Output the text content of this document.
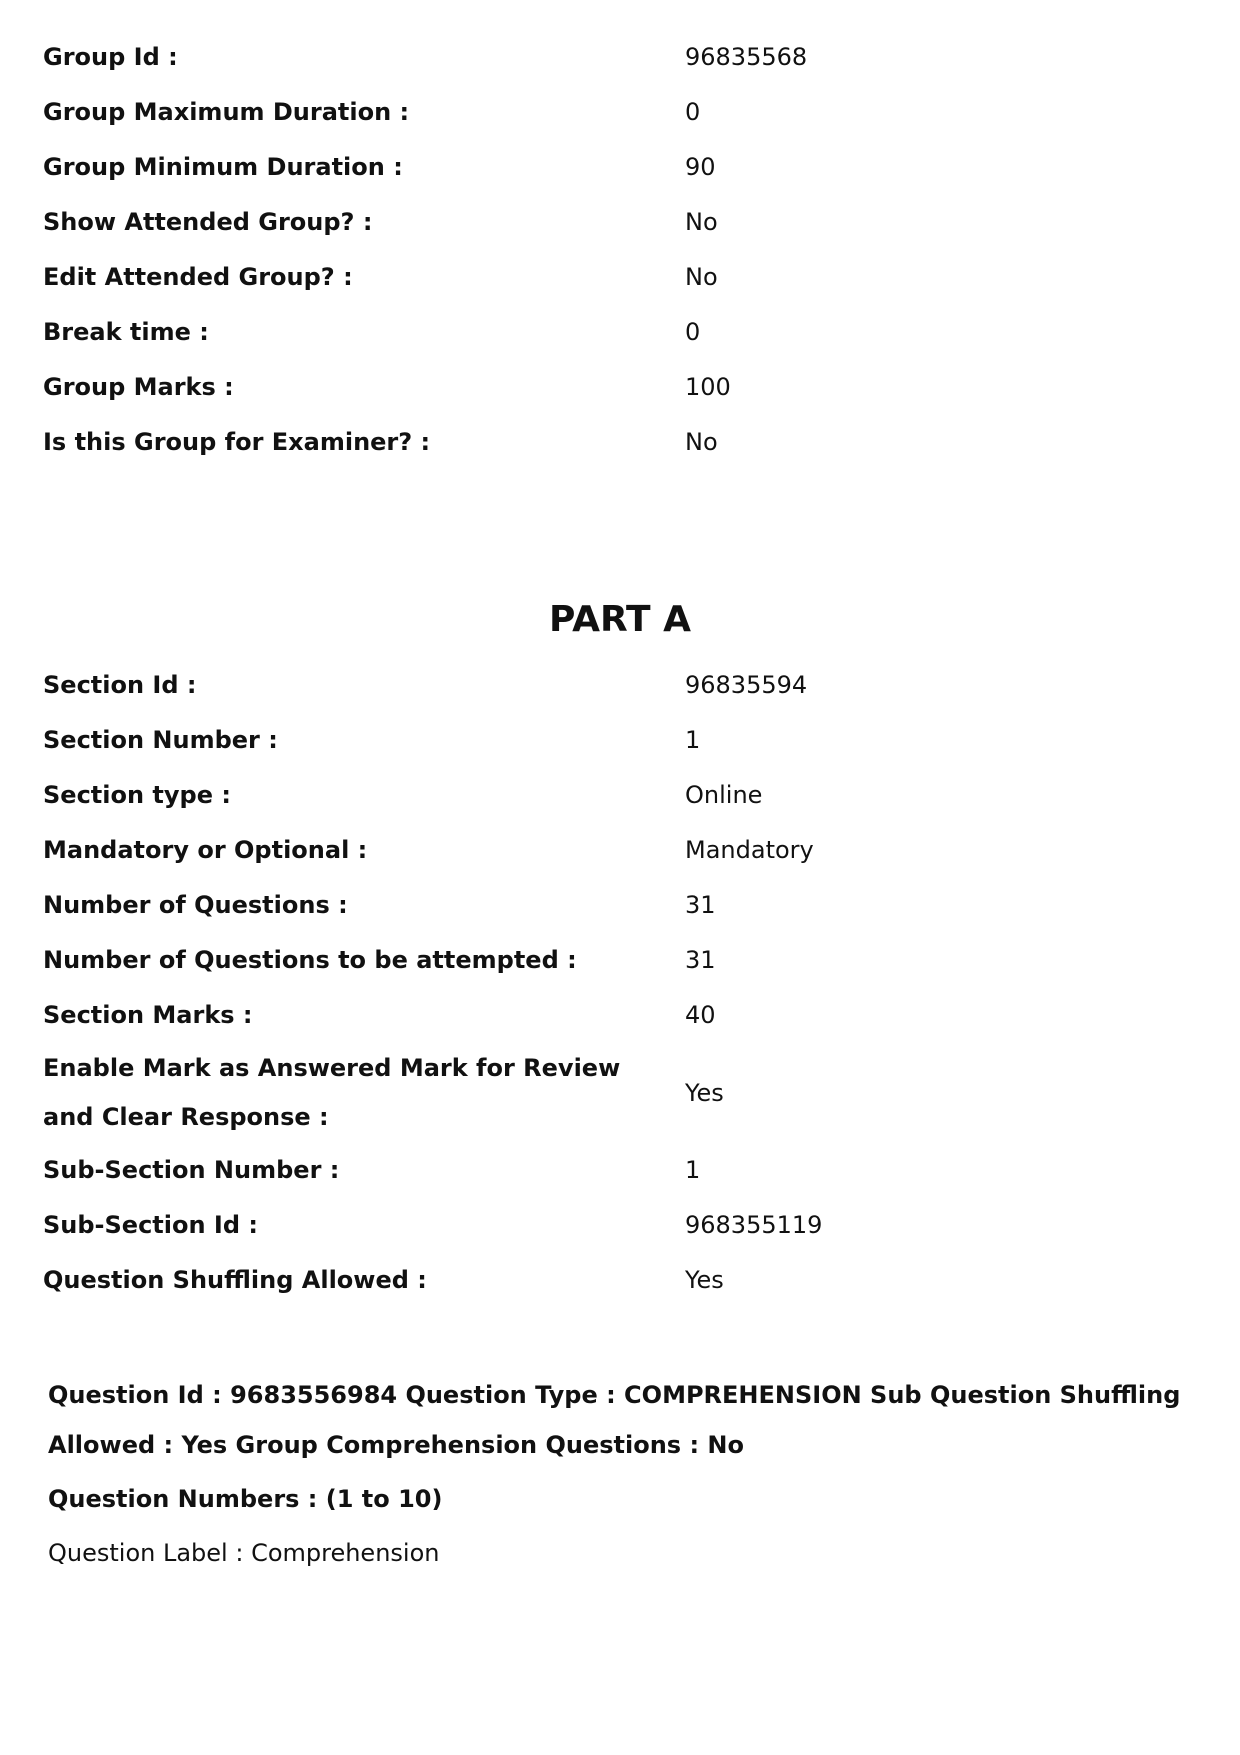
Group Id :	96835568
Group Maximum Duration :	0
Group Minimum Duration :	90
Show Attended Group? :	No
Edit Attended Group? :	No
Break time :	0
Group Marks :	100
Is this Group for Examiner? :	No
PART A
Section Id :	96835594
Section Number :	1
Section type :	Online
Mandatory or Optional :	Mandatory
Number of Questions :	31
Number of Questions to be attempted :	31
Section Marks :	40
Enable Mark as Answered Mark for Review and Clear Response :
Yes
Sub-Section Number :	1
Sub-Section Id :	968355119
Question Shuffling Allowed :	Yes

Question Id : 9683556984 Question Type : COMPREHENSION Sub Question Shuffling Allowed : Yes Group Comprehension Questions : No

Question Numbers : (1 to 10)

Question Label : Comprehension
